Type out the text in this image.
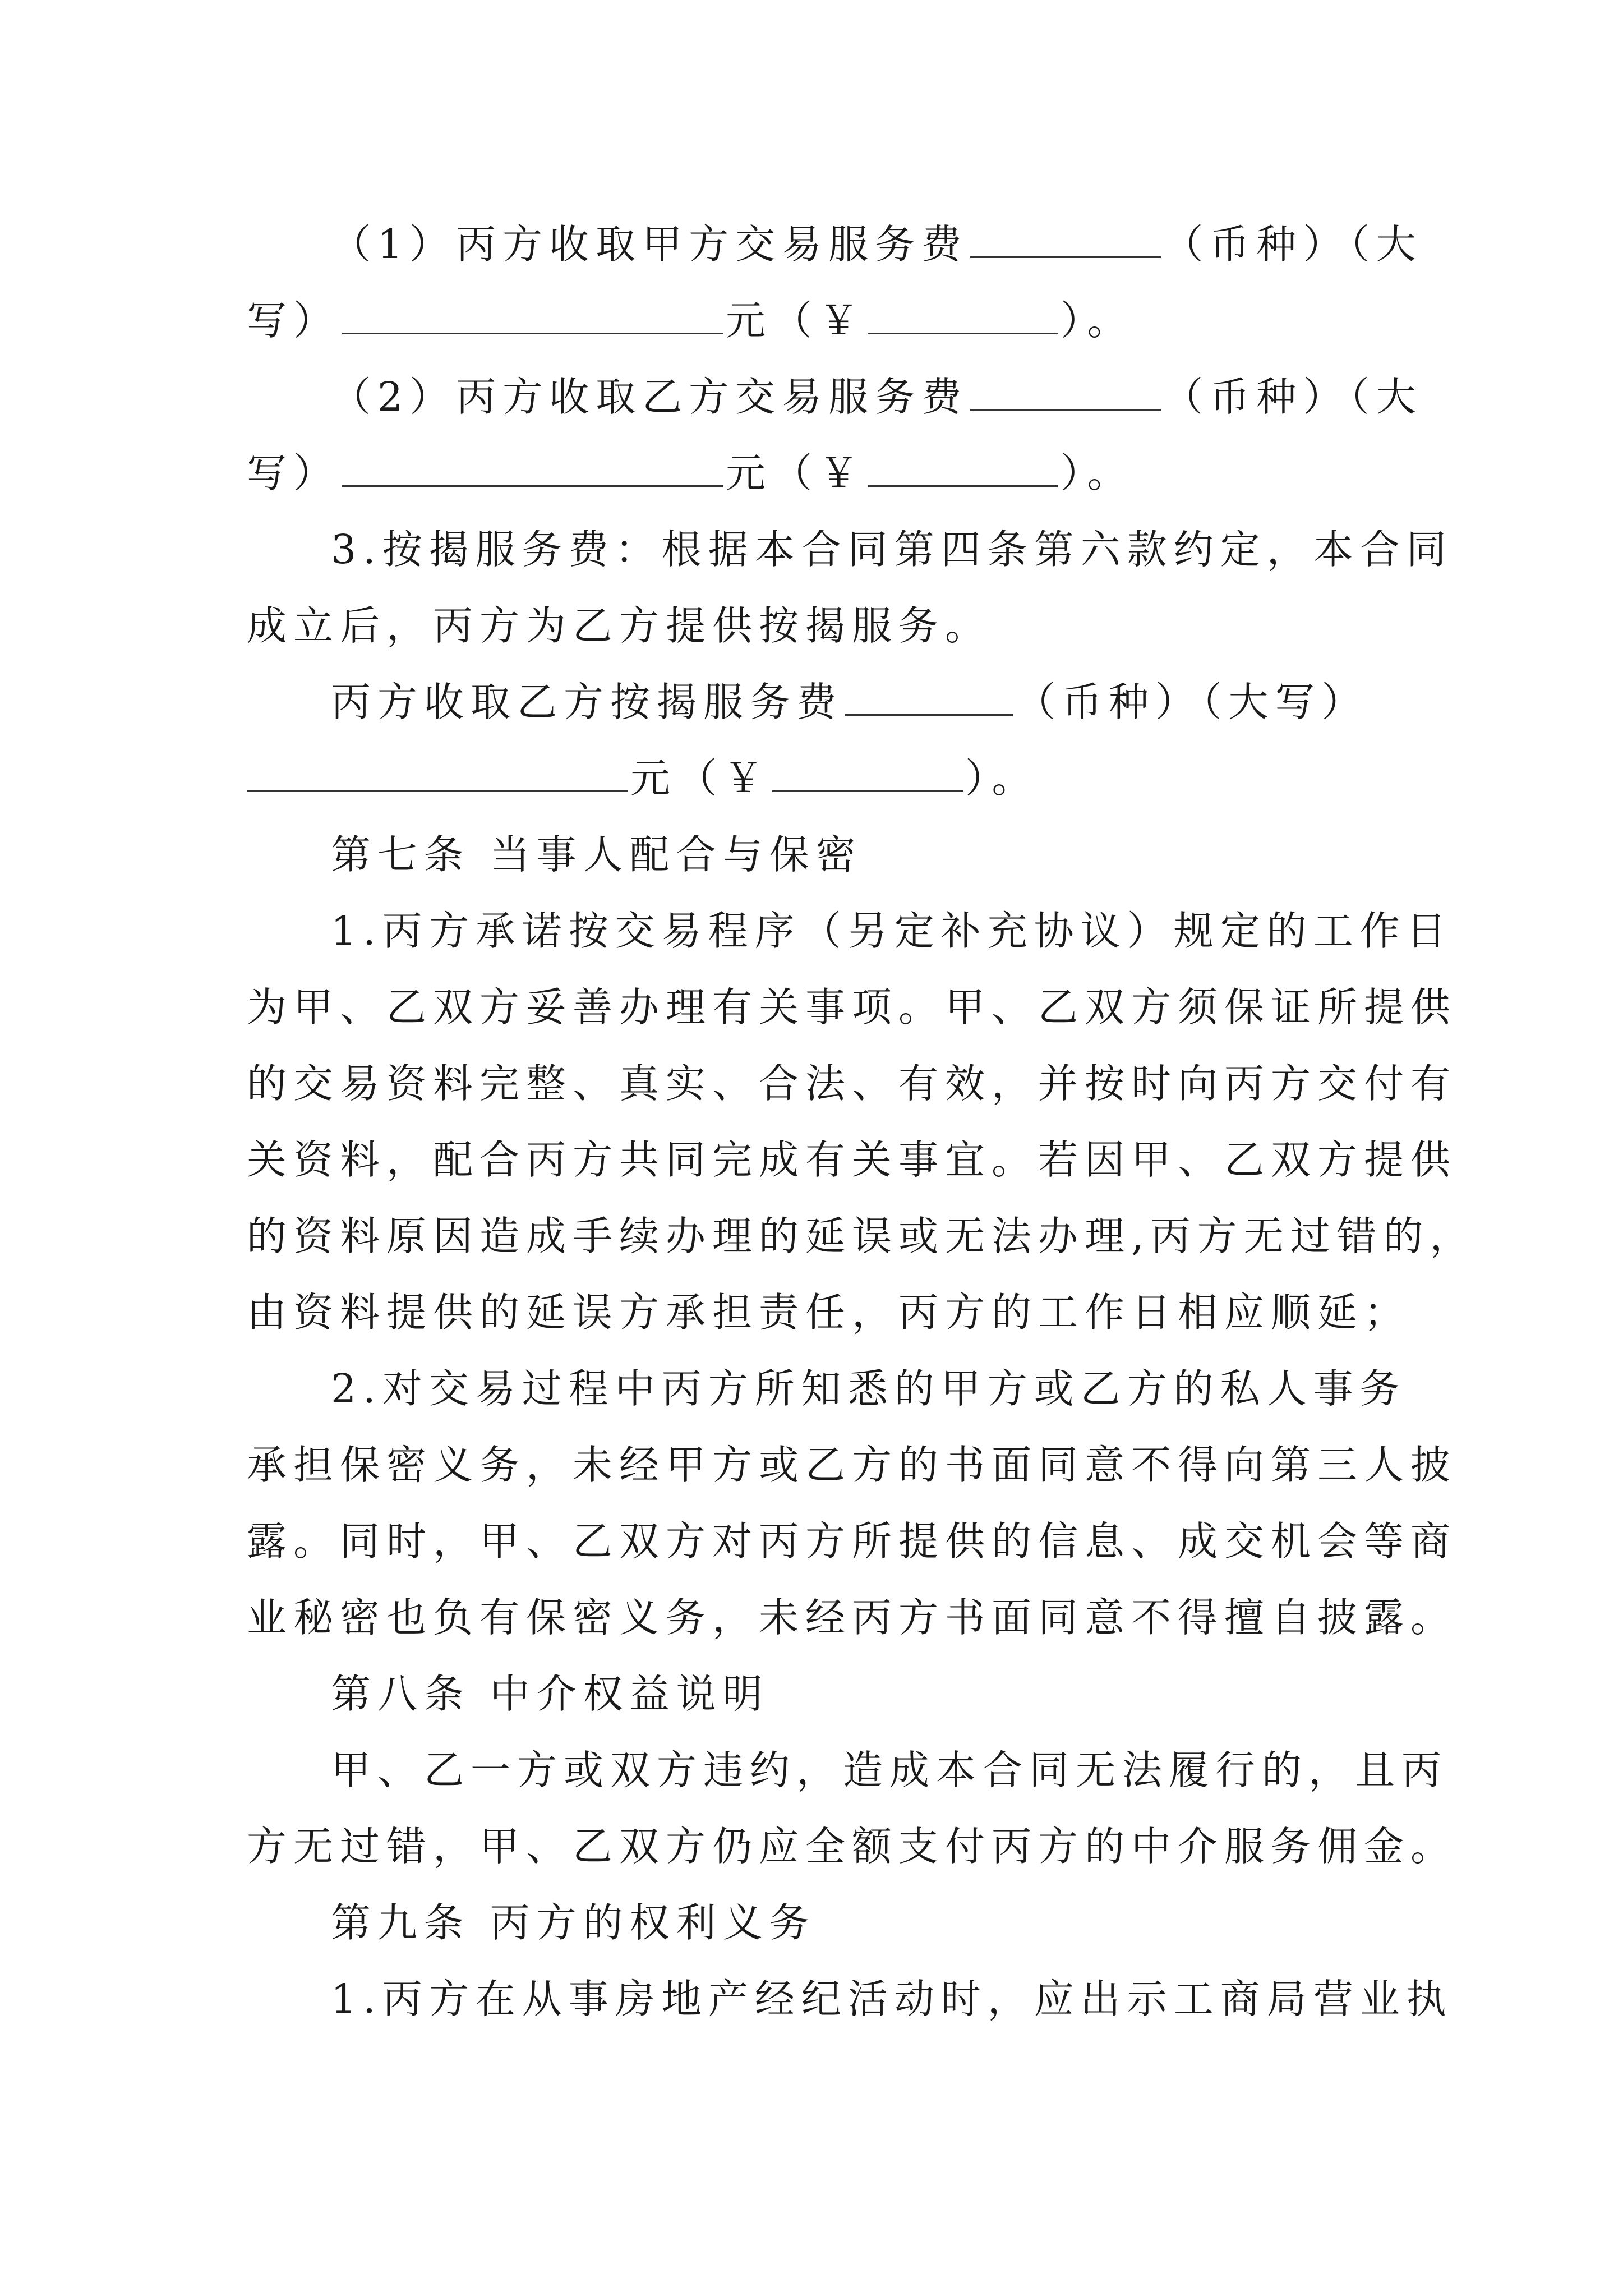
（1）丙方收取甲方交易服务费	（币种）（大
写）	元（￥	）。
（2）丙方收取乙方交易服务费	（币种）（大
写）	元（￥	）。
3.按揭服务费：根据本合同第四条第六款约定，本合同
成立后，丙方为乙方提供按揭服务。
丙方收取乙方按揭服务费	（币种）（大写）
元（￥	）。
第七条 当事人配合与保密
1.丙方承诺按交易程序（另定补充协议）规定的工作日
为甲、乙双方妥善办理有关事项。甲、乙双方须保证所提供
的交易资料完整、真实、合法、有效，并按时向丙方交付有
关资料，配合丙方共同完成有关事宜。若因甲、乙双方提供
的资料原因造成手续办理的延误或无法办理,丙方无过错的，
由资料提供的延误方承担责任，丙方的工作日相应顺延；
2.对交易过程中丙方所知悉的甲方或乙方的私人事务
承担保密义务，未经甲方或乙方的书面同意不得向第三人披
露。同时，甲、乙双方对丙方所提供的信息、成交机会等商
业秘密也负有保密义务，未经丙方书面同意不得擅自披露。
第八条 中介权益说明
甲、乙一方或双方违约，造成本合同无法履行的，且丙
方无过错，甲、乙双方仍应全额支付丙方的中介服务佣金。
第九条 丙方的权利义务
1.丙方在从事房地产经纪活动时，应出示工商局营业执
